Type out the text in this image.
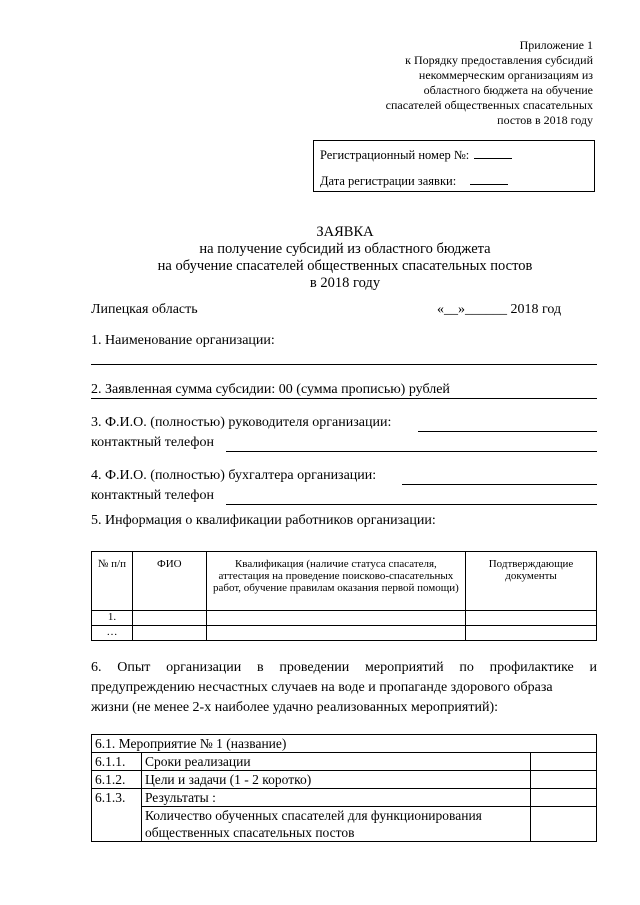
Приложение 1
к Порядку предоставления субсидий
некоммерческим организациям из
областного бюджета на обучение
спасателей общественных спасательных
постов в 2018 году
Регистрационный номер №:
Дата регистрации заявки:
ЗАЯВКА
на получение субсидий из областного бюджета
на обучение спасателей общественных спасательных постов
в 2018 году
Липецкая область	«__»______ 2018 год
1. Наименование организации:
2. Заявленная сумма субсидии: 00 (сумма прописью) рублей
3. Ф.И.О. (полностью) руководителя организации:
контактный телефон
4. Ф.И.О. (полностью) бухгалтера организации:
контактный телефон
5. Информация о квалификации работников организации:
№ п/п	ФИО	Квалификация (наличие статуса спасателя, аттестация на проведение поисково-спасательных работ, обучение правилам оказания первой помощи)	Подтверждающие документы
1.			
…			
6. Опыт организации в проведении мероприятий по профилактике и предупреждению несчастных случаев на воде и пропаганде здорового образа
жизни (не менее 2-х наиболее удачно реализованных мероприятий):
6.1. Мероприятие № 1 (название)		
6.1.1.	Сроки реализации	
6.1.2.	Цели и задачи (1 - 2 коротко)	
6.1.3.	Результаты :	
	Количество обученных спасателей для функционирования общественных спасательных постов	
